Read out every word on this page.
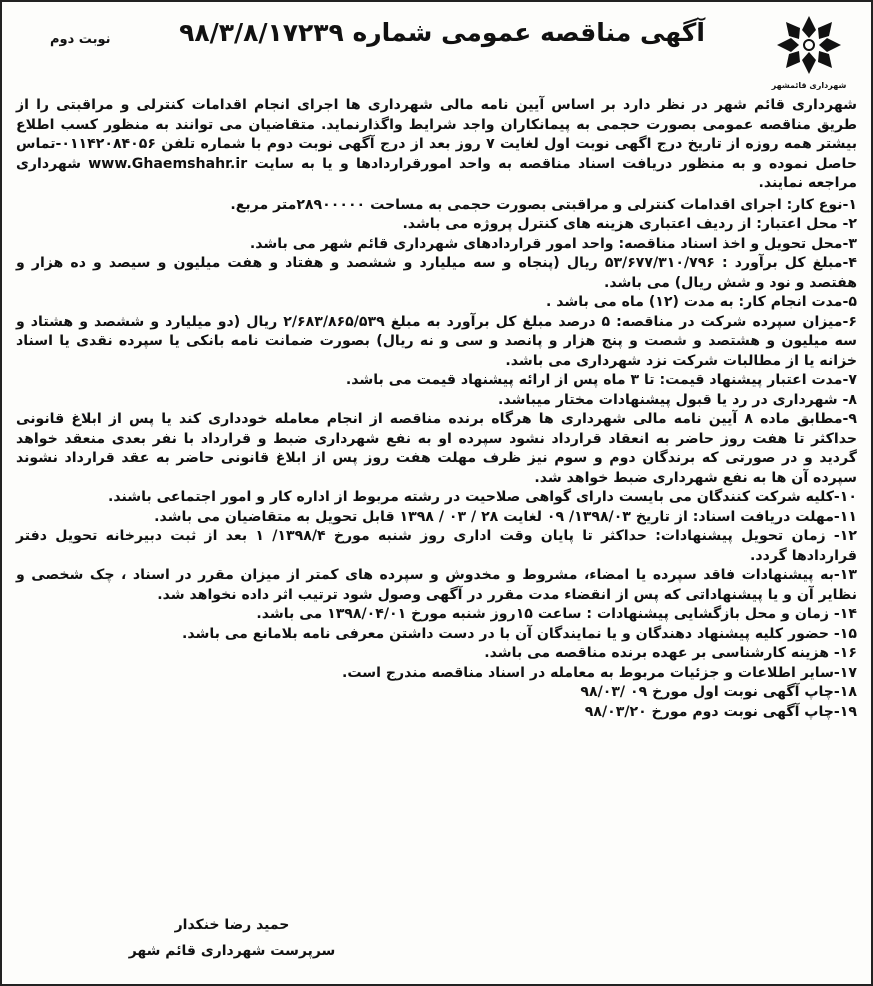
شهرداری قائمشهر
آگهی مناقصه عمومی شماره ۹۸/۳/۸/۱۷۲۳۹
نوبت دوم

شهرداری قائم شهر در نظر دارد بر اساس آیین نامه مالی شهرداری ها اجرای انجام اقدامات کنترلی و مراقبتی را از طریق مناقصه عمومی بصورت حجمی به پیمانکاران واجد شرایط واگذارنماید. متقاضیان می توانند به منظور کسب اطلاع بیشتر همه روزه از تاریخ درج اگهی نوبت اول لغایت ۷ روز بعد از درج آگهی نوبت دوم با شماره تلفن ۰۱۱۴۲۰۸۴۰۵۶-تماس حاصل نموده و به منظور دریافت اسناد مناقصه به واحد امورقراردادها و یا به سایت www.Ghaemshahr.ir شهرداری مراجعه نمایند.

۱-نوع کار: اجرای اقدامات کنترلی و مراقبتی بصورت حجمی به مساحت ۲۸۹۰۰۰۰۰متر مربع.

۲- محل اعتبار: از ردیف اعتباری هزینه های کنترل پروژه می باشد.

۳-محل تحویل و اخذ اسناد مناقصه: واحد امور قراردادهای شهرداری قائم شهر می باشد.

۴-مبلغ کل برآورد : ۵۳/۶۷۷/۳۱۰/۷۹۶ ریال (پنجاه و سه میلیارد و ششصد و هفتاد و هفت میلیون و سیصد و ده هزار و هفتصد و نود و شش ریال) می باشد.

۵-مدت انجام کار: به مدت (۱۲) ماه می باشد .

۶-میزان سپرده شرکت در مناقصه: ۵ درصد مبلغ کل برآورد به مبلغ ۲/۶۸۳/۸۶۵/۵۳۹ ریال (دو میلیارد و ششصد و هشتاد و سه میلیون و هشتصد و شصت و پنج هزار و پانصد و سی و نه ریال) بصورت ضمانت نامه بانکی یا سپرده نقدی یا اسناد خزانه یا از مطالبات شرکت نزد شهرداری می باشد.

۷-مدت اعتبار پیشنهاد قیمت: تا ۳ ماه پس از ارائه پیشنهاد قیمت می باشد.

۸- شهرداری در رد یا قبول پیشنهادات مختار میباشد.

۹-مطابق ماده ۸ آیین نامه مالی شهرداری ها هرگاه برنده مناقصه از انجام معامله خودداری کند یا پس از ابلاغ قانونی حداکثر تا هفت روز حاضر به انعقاد قرارداد نشود سپرده او به نفع شهرداری ضبط و قرارداد با نفر بعدی منعقد خواهد گردید و در صورتی که برندگان دوم و سوم نیز ظرف مهلت هفت روز پس از ابلاغ قانونی حاضر به عقد قرارداد نشوند سپرده آن ها به نفع شهرداری ضبط خواهد شد.

۱۰-کلیه شرکت کنندگان می بایست دارای گواهی صلاحیت در رشته مربوط از اداره کار و امور اجتماعی باشند.

۱۱-مهلت دریافت اسناد: از تاریخ ۱۳۹۸/۰۳/ ۰۹ لغایت ۲۸ / ۰۳ / ۱۳۹۸ قابل تحویل به متقاضیان می باشد.

۱۲- زمان تحویل پیشنهادات: حداکثر تا پایان وقت اداری روز شنبه مورخ ۱۳۹۸/۴/ ۱ بعد از ثبت دبیرخانه تحویل دفتر قراردادها گردد.

۱۳-به پیشنهادات فاقد سپرده یا امضاء، مشروط و مخدوش و سپرده های کمتر از میزان مقرر در اسناد ، چک شخصی و نظایر آن و یا پیشنهاداتی که پس از انقضاء مدت مقرر در آگهی وصول شود ترتیب اثر داده نخواهد شد.

۱۴- زمان و محل بازگشایی پیشنهادات : ساعت ۱۵روز شنبه مورخ ۱۳۹۸/۰۴/۰۱ می باشد.

۱۵- حضور کلیه پیشنهاد دهندگان و یا نمایندگان آن با در دست داشتن معرفی نامه بلامانع می باشد.

۱۶- هزینه کارشناسی بر عهده برنده مناقصه می باشد.

۱۷-سایر اطلاعات و جزئیات مربوط به معامله در اسناد مناقصه مندرج است.

۱۸-چاپ آگهی نوبت اول مورخ ۰۹ /۹۸/۰۳

۱۹-چاپ آگهی نوبت دوم مورخ ۹۸/۰۳/۲۰

حمید رضا خنکدار
سرپرست شهرداری قائم شهر
